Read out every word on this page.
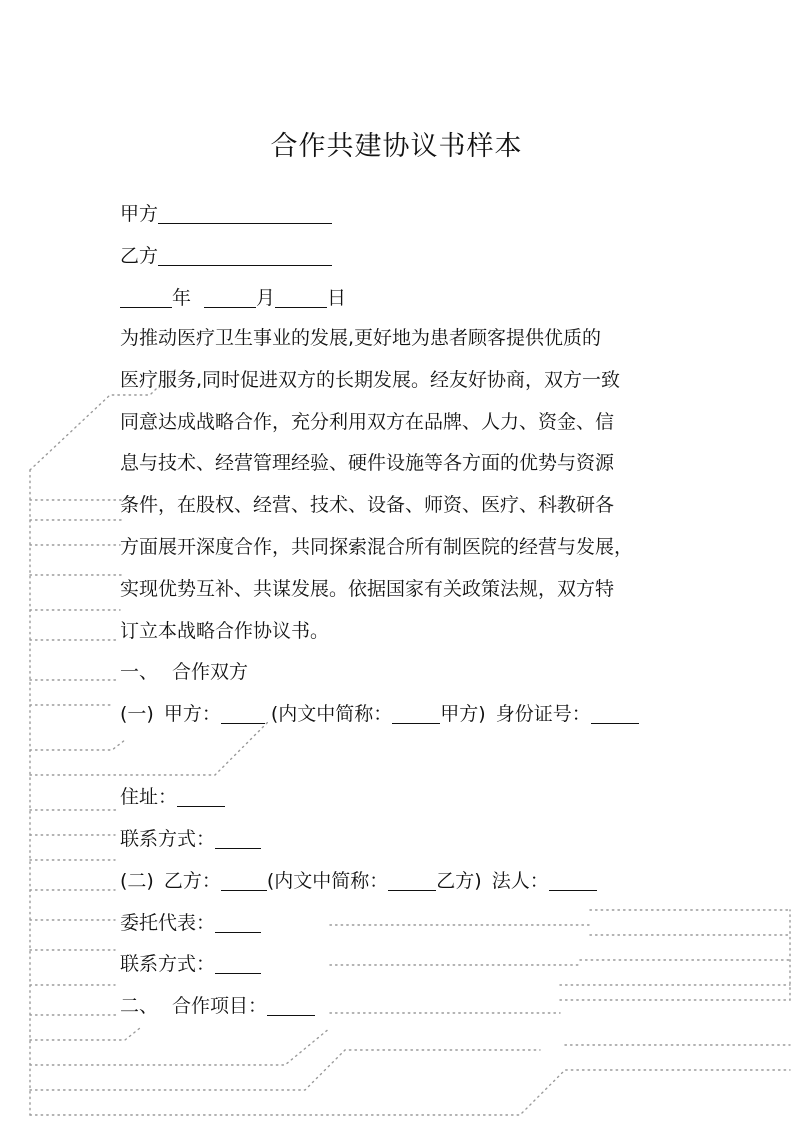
合作共建协议书样本
甲方
乙方
年	月	日
为推动医疗卫生事业的发展,更好地为患者顾客提供优质的
医疗服务,同时促进双方的长期发展。经友好协商，双方一致
同意达成战略合作，充分利用双方在品牌、人力、资金、信
息与技术、经营管理经验、硬件设施等各方面的优势与资源
条件，在股权、经营、技术、设备、师资、医疗、科教研各
方面展开深度合作，共同探索混合所有制医院的经营与发展，
实现优势互补、共谋发展。依据国家有关政策法规，双方特
订立本战略合作协议书。
一、 合作双方
(一) 甲方：	(内文中简称：	甲方) 身份证号：
住址：
联系方式：
(二) 乙方： (内文中简称：	乙方) 法人：
委托代表：
联系方式：
二、 合作项目：
